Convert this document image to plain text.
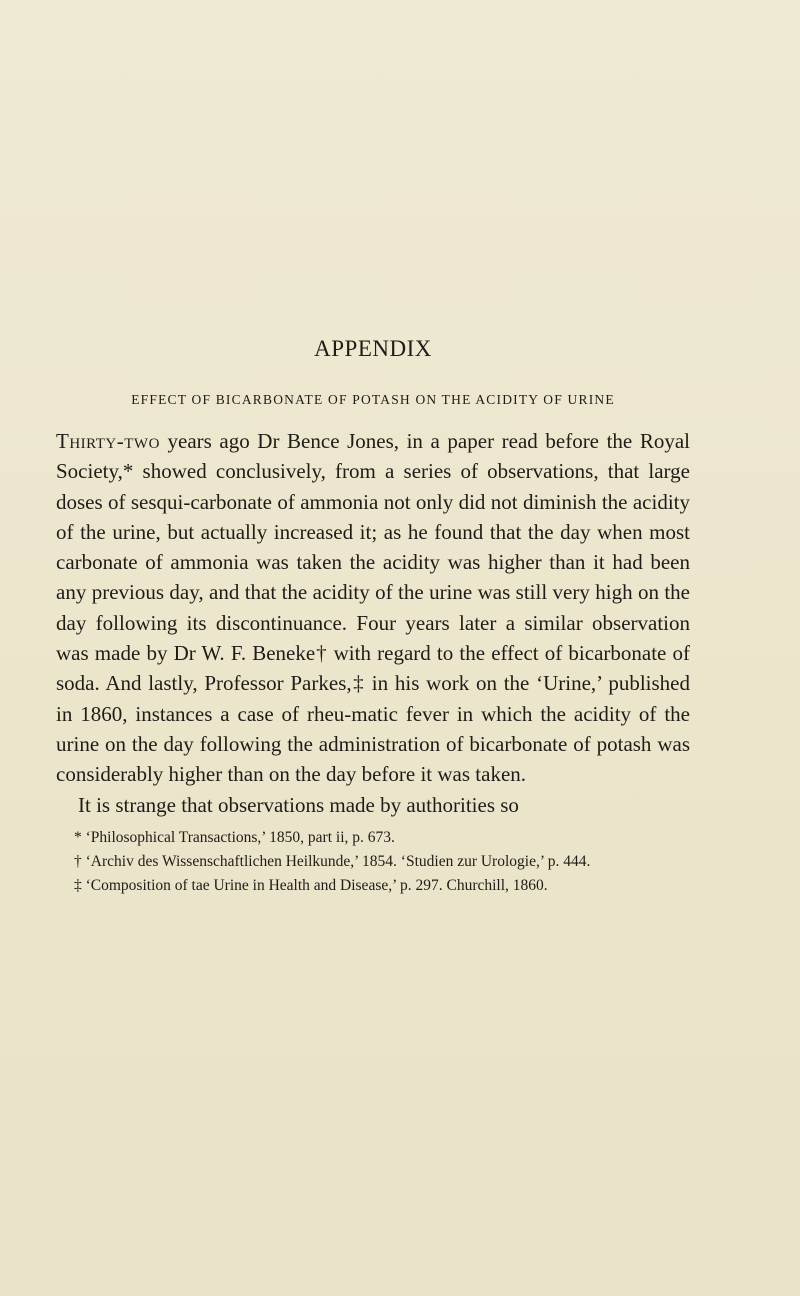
APPENDIX
EFFECT OF BICARBONATE OF POTASH ON THE ACIDITY OF URINE

Thirty-two years ago Dr Bence Jones, in a paper read before the Royal Society,* showed conclusively, from a series of observations, that large doses of sesqui-carbonate of ammonia not only did not diminish the acidity of the urine, but actually increased it; as he found that the day when most carbonate of ammonia was taken the acidity was higher than it had been any previous day, and that the acidity of the urine was still very high on the day following its discontinuance. Four years later a similar observation was made by Dr W. F. Beneke† with regard to the effect of bicarbonate of soda. And lastly, Professor Parkes,‡ in his work on the ‘Urine,’ published in 1860, instances a case of rheu-matic fever in which the acidity of the urine on the day following the administration of bicarbonate of potash was considerably higher than on the day before it was taken.

It is strange that observations made by authorities so

* ‘Philosophical Transactions,’ 1850, part ii, p. 673.

† ‘Archiv des Wissenschaftlichen Heilkunde,’ 1854. ‘Studien zur Urologie,’ p. 444.

‡ ‘Composition of tae Urine in Health and Disease,’ p. 297. Churchill, 1860.
